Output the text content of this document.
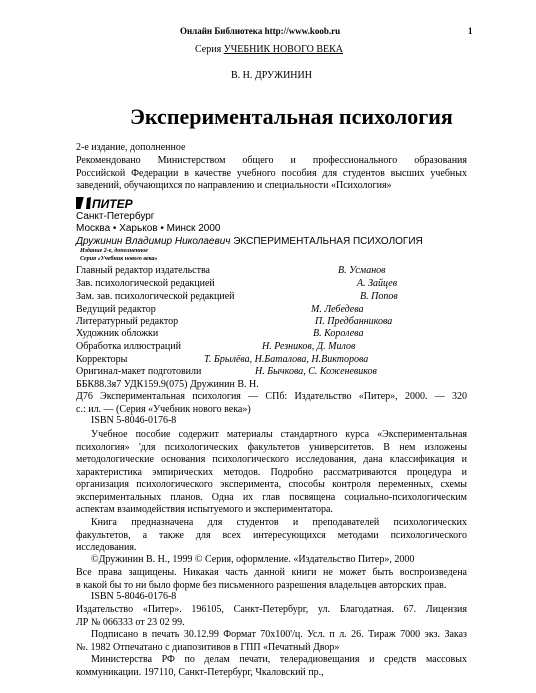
Онлайн Библиотека http://www.koob.ru	1
Серия УЧЕБНИК НОВОГО ВЕКА
В. Н. ДРУЖИНИН
Экспериментальная психология
2-е издание, дополненное
Рекомендовано Министерством общего и профессионального образования
Российской Федерации в качестве учебного пособия для студентов высших учебных
заведений, обучающихся по направлению и специальности «Психология»
ПИТЕР
Санкт-Петербург
Москва • Харьков • Минск 2000
Дружинин Владимир Николаевич ЭКСПЕРИМЕНТАЛЬНАЯ ПСИХОЛОГИЯ
Издание 2-е, дополненное
Серия «Учебник нового века»
Главный редактор издательства	В. Усманов
Зав. психологической редакцией	А. Зайцев
Зам. зав. психологической редакцией	В. Попов
Ведущий редактор	М. Лебедева
Литературный редактор	П. Предбанникова
Художник обложки	В. Королева
Обработка иллюстраций	Н. Резников, Д. Милов
Корректоры	Т. Брылёва, Н.Баталова, Н.Викторова
Оригинал-макет подготовили	Н. Бычкова, С. Коженевиков
ББК88.3я7 УДК159.9(075) Дружинин В. Н.
Д76 Экспериментальная психология — СПб: Издательство «Питер», 2000. — 320
с.: ил. — (Серия «Учебник нового века»)
ISBN 5-8046-0176-8
Учебное пособие содержит материалы стандартного курса «Экспериментальная
психология» 'для психологических факультетов университетов. В нем изложены
методологические основания психологического исследования, дана классификация и
характеристика эмпирических методов. Подробно рассматриваются процедура и
организация психологического эксперимента, способы контроля переменных, схемы
экспериментальных планов. Одна их глав посвящена социально-психологическим
аспектам взаимодействия испытуемого и экспериментатора.
Книга предназначена для студентов и преподавателей психологических
факультетов, а также для всех интересующихся методами психологического
исследования.
©Дружинин В. Н., 1999 © Серия, оформление. «Издательство Питер», 2000
Все права защищены. Никакая часть данной книги не может быть воспроизведена
в какой бы то ни было форме без письменного разрешения владельцев авторских прав.
ISBN 5-8046-0176-8
Издательство «Питер». 196105, Санкт-Петербург, ул. Благодатная. 67. Лицензия
ЛР № 066333 от 23 02 99.
Подписано в печать 30.12.99 Формат 70х100'/ц. Усл. п л. 26. Тираж 7000 экз. Заказ
№. 1982 Отпечатано с диапозитивов в ГПП «Печатный Двор»
Министерства РФ по делам печати, телерадиовещания и средств массовых
коммуникации. 197110, Санкт-Петербург, Чкаловский пр.,
